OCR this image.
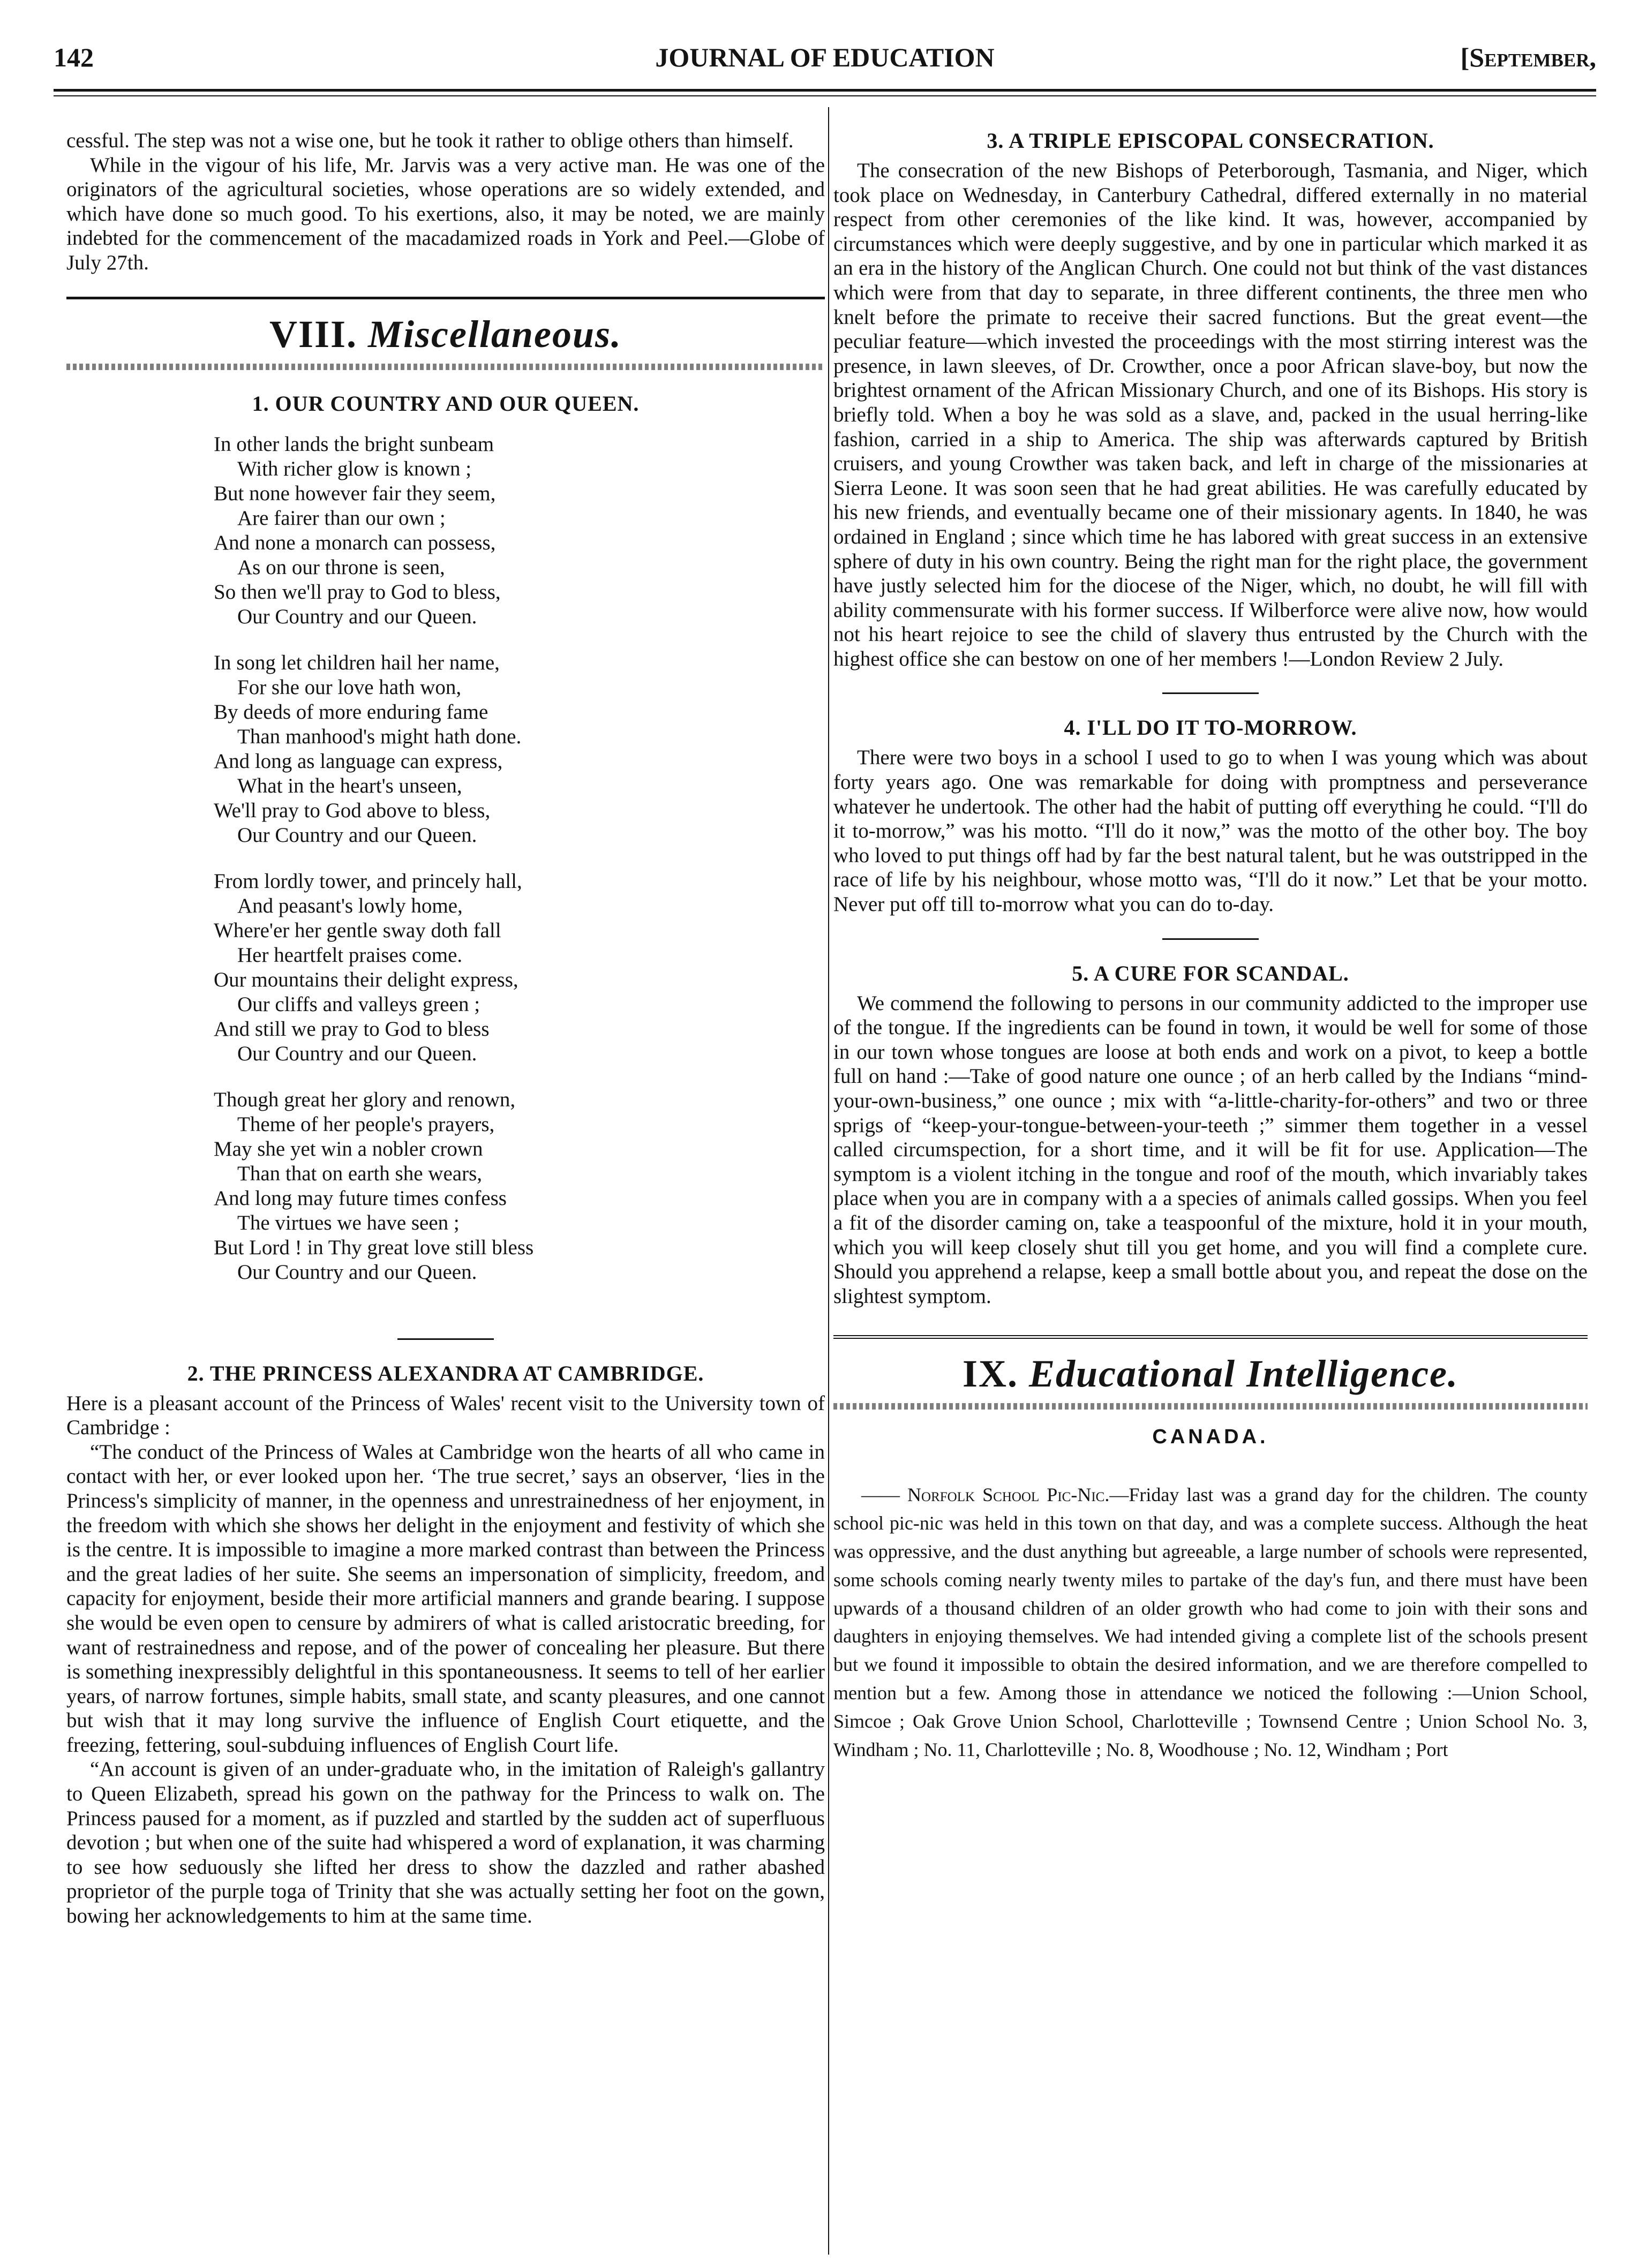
JOURNAL OF EDUCATION
142	[September,

cessful. The step was not a wise one, but he took it rather to oblige others than himself.

While in the vigour of his life, Mr. Jarvis was a very active man. He was one of the originators of the agricultural societies, whose operations are so widely extended, and which have done so much good. To his exertions, also, it may be noted, we are mainly indebted for the commencement of the macadamized roads in York and Peel.—Globe of July 27th.

VIII. Miscellaneous.
1. OUR COUNTRY AND OUR QUEEN.
In other lands the bright sunbeam
With richer glow is known ;
But none however fair they seem,
Are fairer than our own ;
And none a monarch can possess,
As on our throne is seen,
So then we'll pray to God to bless,
Our Country and our Queen.
In song let children hail her name,
For she our love hath won,
By deeds of more enduring fame
Than manhood's might hath done.
And long as language can express,
What in the heart's unseen,
We'll pray to God above to bless,
Our Country and our Queen.
From lordly tower, and princely hall,
And peasant's lowly home,
Where'er her gentle sway doth fall
Her heartfelt praises come.
Our mountains their delight express,
Our cliffs and valleys green ;
And still we pray to God to bless
Our Country and our Queen.
Though great her glory and renown,
Theme of her people's prayers,
May she yet win a nobler crown
Than that on earth she wears,
And long may future times confess
The virtues we have seen ;
But Lord ! in Thy great love still bless
Our Country and our Queen.
2. THE PRINCESS ALEXANDRA AT CAMBRIDGE.

Here is a pleasant account of the Princess of Wales' recent visit to the University town of Cambridge :

“The conduct of the Princess of Wales at Cambridge won the hearts of all who came in contact with her, or ever looked upon her. ‘The true secret,’ says an observer, ‘lies in the Princess's simplicity of manner, in the openness and unrestrainedness of her enjoyment, in the freedom with which she shows her delight in the enjoyment and festivity of which she is the centre. It is impossible to imagine a more marked contrast than between the Princess and the great ladies of her suite. She seems an impersonation of simplicity, freedom, and capacity for enjoyment, beside their more artificial manners and grande bearing. I suppose she would be even open to censure by admirers of what is called aristocratic breeding, for want of restrainedness and repose, and of the power of concealing her pleasure. But there is something inexpressibly delightful in this spontaneousness. It seems to tell of her earlier years, of narrow fortunes, simple habits, small state, and scanty pleasures, and one cannot but wish that it may long survive the influence of English Court etiquette, and the freezing, fettering, soul-subduing influences of English Court life.

“An account is given of an under-graduate who, in the imitation of Raleigh's gallantry to Queen Elizabeth, spread his gown on the pathway for the Princess to walk on. The Princess paused for a moment, as if puzzled and startled by the sudden act of superfluous devotion ; but when one of the suite had whispered a word of explanation, it was charming to see how seduously she lifted her dress to show the dazzled and rather abashed proprietor of the purple toga of Trinity that she was actually setting her foot on the gown, bowing her acknowledgements to him at the same time.

3. A TRIPLE EPISCOPAL CONSECRATION.

The consecration of the new Bishops of Peterborough, Tasmania, and Niger, which took place on Wednesday, in Canterbury Cathedral, differed externally in no material respect from other ceremonies of the like kind. It was, however, accompanied by circumstances which were deeply suggestive, and by one in particular which marked it as an era in the history of the Anglican Church. One could not but think of the vast distances which were from that day to separate, in three different continents, the three men who knelt before the primate to receive their sacred functions. But the great event—the peculiar feature—which invested the proceedings with the most stirring interest was the presence, in lawn sleeves, of Dr. Crowther, once a poor African slave-boy, but now the brightest ornament of the African Missionary Church, and one of its Bishops. His story is briefly told. When a boy he was sold as a slave, and, packed in the usual herring-like fashion, carried in a ship to America. The ship was afterwards captured by British cruisers, and young Crowther was taken back, and left in charge of the missionaries at Sierra Leone. It was soon seen that he had great abilities. He was carefully educated by his new friends, and eventually became one of their missionary agents. In 1840, he was ordained in England ; since which time he has labored with great success in an extensive sphere of duty in his own country. Being the right man for the right place, the government have justly selected him for the diocese of the Niger, which, no doubt, he will fill with ability commensurate with his former success. If Wilberforce were alive now, how would not his heart rejoice to see the child of slavery thus entrusted by the Church with the highest office she can bestow on one of her members !—London Review 2 July.

4. I'LL DO IT TO-MORROW.

There were two boys in a school I used to go to when I was young which was about forty years ago. One was remarkable for doing with promptness and perseverance whatever he undertook. The other had the habit of putting off everything he could. “I'll do it to-morrow,” was his motto. “I'll do it now,” was the motto of the other boy. The boy who loved to put things off had by far the best natural talent, but he was outstripped in the race of life by his neighbour, whose motto was, “I'll do it now.” Let that be your motto. Never put off till to-morrow what you can do to-day.

5. A CURE FOR SCANDAL.

We commend the following to persons in our community addicted to the improper use of the tongue. If the ingredients can be found in town, it would be well for some of those in our town whose tongues are loose at both ends and work on a pivot, to keep a bottle full on hand :—Take of good nature one ounce ; of an herb called by the Indians “mind-your-own-business,” one ounce ; mix with “a-little-charity-for-others” and two or three sprigs of “keep-your-tongue-between-your-teeth ;” simmer them together in a vessel called circumspection, for a short time, and it will be fit for use. Application—The symptom is a violent itching in the tongue and roof of the mouth, which invariably takes place when you are in company with a a species of animals called gossips. When you feel a fit of the disorder caming on, take a teaspoonful of the mixture, hold it in your mouth, which you will keep closely shut till you get home, and you will find a complete cure. Should you apprehend a relapse, keep a small bottle about you, and repeat the dose on the slightest symptom.

IX. Educational Intelligence.
CANADA.

—— Norfolk School Pic-Nic.—Friday last was a grand day for the children. The county school pic-nic was held in this town on that day, and was a complete success. Although the heat was oppressive, and the dust anything but agreeable, a large number of schools were represented, some schools coming nearly twenty miles to partake of the day's fun, and there must have been upwards of a thousand children of an older growth who had come to join with their sons and daughters in enjoying themselves. We had intended giving a complete list of the schools present but we found it impossible to obtain the desired information, and we are therefore compelled to mention but a few. Among those in attendance we noticed the following :—Union School, Simcoe ; Oak Grove Union School, Charlotteville ; Townsend Centre ; Union School No. 3, Windham ; No. 11, Charlotteville ; No. 8, Woodhouse ; No. 12, Windham ; Port
